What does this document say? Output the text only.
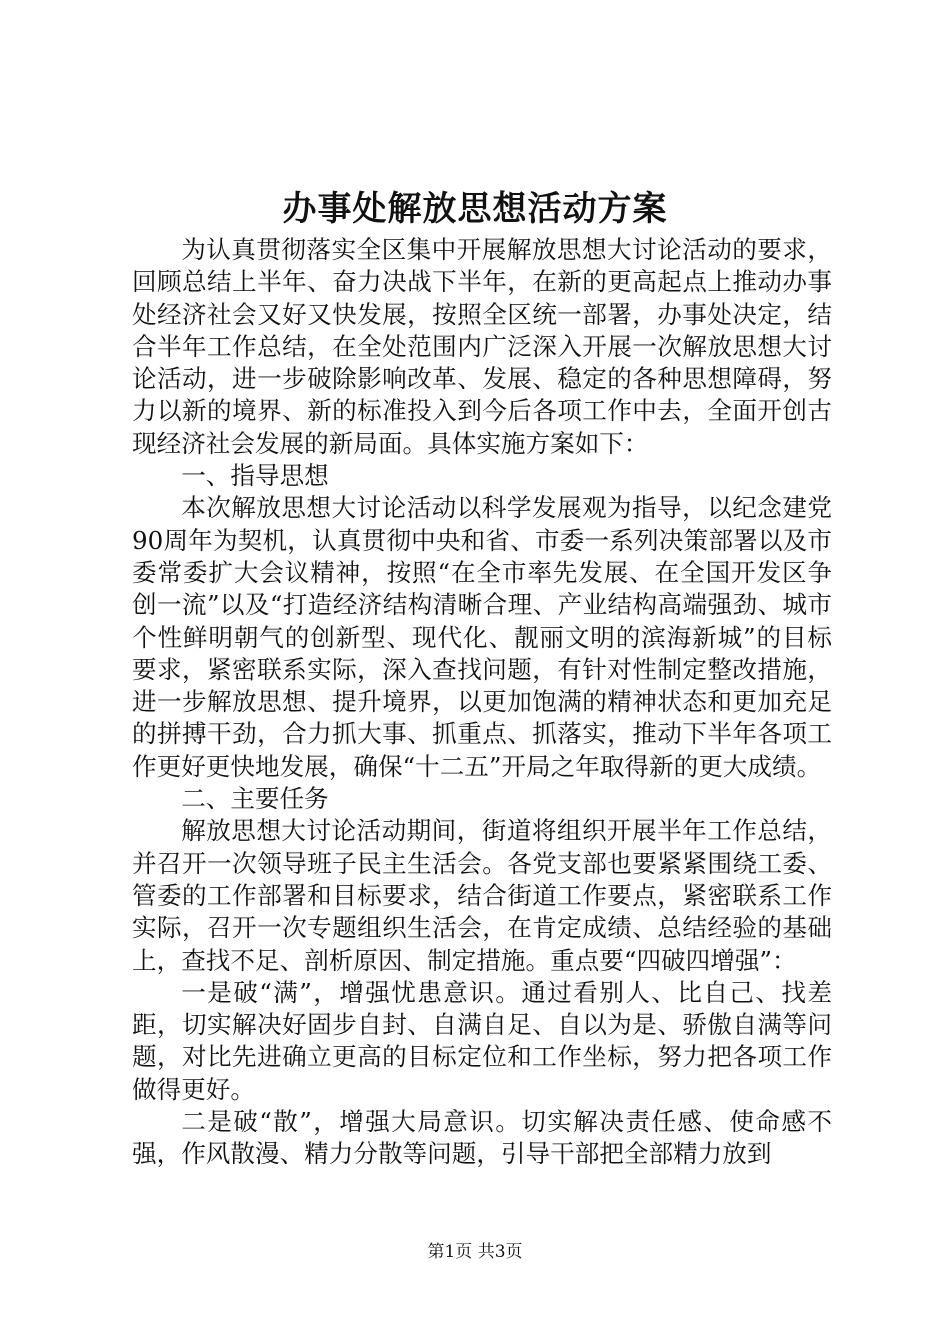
办事处解放思想活动方案

为认真贯彻落实全区集中开展解放思想大讨论活动的要求，回顾总结上半年、奋力决战下半年，在新的更高起点上推动办事处经济社会又好又快发展，按照全区统一部署，办事处决定，结合半年工作总结，在全处范围内广泛深入开展一次解放思想大讨论活动，进一步破除影响改革、发展、稳定的各种思想障碍，努力以新的境界、新的标准投入到今后各项工作中去，全面开创古现经济社会发展的新局面。具体实施方案如下：

一、指导思想

本次解放思想大讨论活动以科学发展观为指导，以纪念建党90周年为契机，认真贯彻中央和省、市委一系列决策部署以及市委常委扩大会议精神，按照“在全市率先发展、在全国开发区争创一流”以及“打造经济结构清晰合理、产业结构高端强劲、城市个性鲜明朝气的创新型、现代化、靓丽文明的滨海新城”的目标要求，紧密联系实际，深入查找问题，有针对性制定整改措施，进一步解放思想、提升境界，以更加饱满的精神状态和更加充足的拼搏干劲，合力抓大事、抓重点、抓落实，推动下半年各项工作更好更快地发展，确保“十二五”开局之年取得新的更大成绩。

二、主要任务

解放思想大讨论活动期间，街道将组织开展半年工作总结，并召开一次领导班子民主生活会。各党支部也要紧紧围绕工委、管委的工作部署和目标要求，结合街道工作要点，紧密联系工作实际，召开一次专题组织生活会，在肯定成绩、总结经验的基础上，查找不足、剖析原因、制定措施。重点要“四破四增强”：

一是破“满”，增强忧患意识。通过看别人、比自己、找差距，切实解决好固步自封、自满自足、自以为是、骄傲自满等问题，对比先进确立更高的目标定位和工作坐标，努力把各项工作做得更好。

二是破“散”，增强大局意识。切实解决责任感、使命感不强，作风散漫、精力分散等问题，引导干部把全部精力放到

第1页 共3页
